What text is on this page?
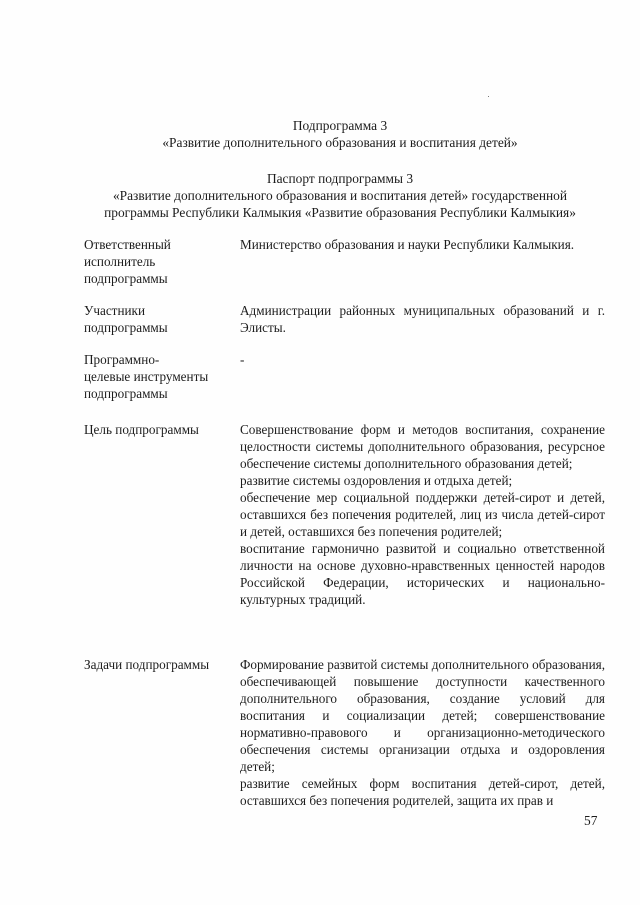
Подпрограмма 3
«Развитие дополнительного образования и воспитания детей»
Паспорт подпрограммы 3
«Развитие дополнительного образования и воспитания детей» государственной
программы Республики Калмыкия «Развитие образования Республики Калмыкия»
Ответственный
исполнитель
подпрограммы

Министерство образования и науки Республики Калмыкия.

Участники
подпрограммы

Администрации районных муниципальных образований и г. Элисты.

Программно-
целевые инструменты
подпрограммы

-

Цель подпрограммы	Совершенствование форм и методов воспитания, сохранение целостности системы дополнительного образования, ресурсное обеспечение системы дополнительного образования детей;

развитие системы оздоровления и отдыха детей;

обеспечение мер социальной поддержки детей-сирот и детей, оставшихся без попечения родителей, лиц из числа детей-сирот и детей, оставшихся без попечения родителей;

воспитание гармонично развитой и социально ответственной личности на основе духовно-нравственных ценностей народов Российской Федерации, исторических и национально-культурных традиций.

Задачи подпрограммы	Формирование развитой системы дополнительного образования, обеспечивающей повышение доступности качественного дополнительного образования, создание условий для воспитания и социализации детей; совершенствование нормативно-правового и организационно-методического обеспечения системы организации отдыха и оздоровления детей;

развитие семейных форм воспитания детей-сирот, детей, оставшихся без попечения родителей, защита их прав и

57
